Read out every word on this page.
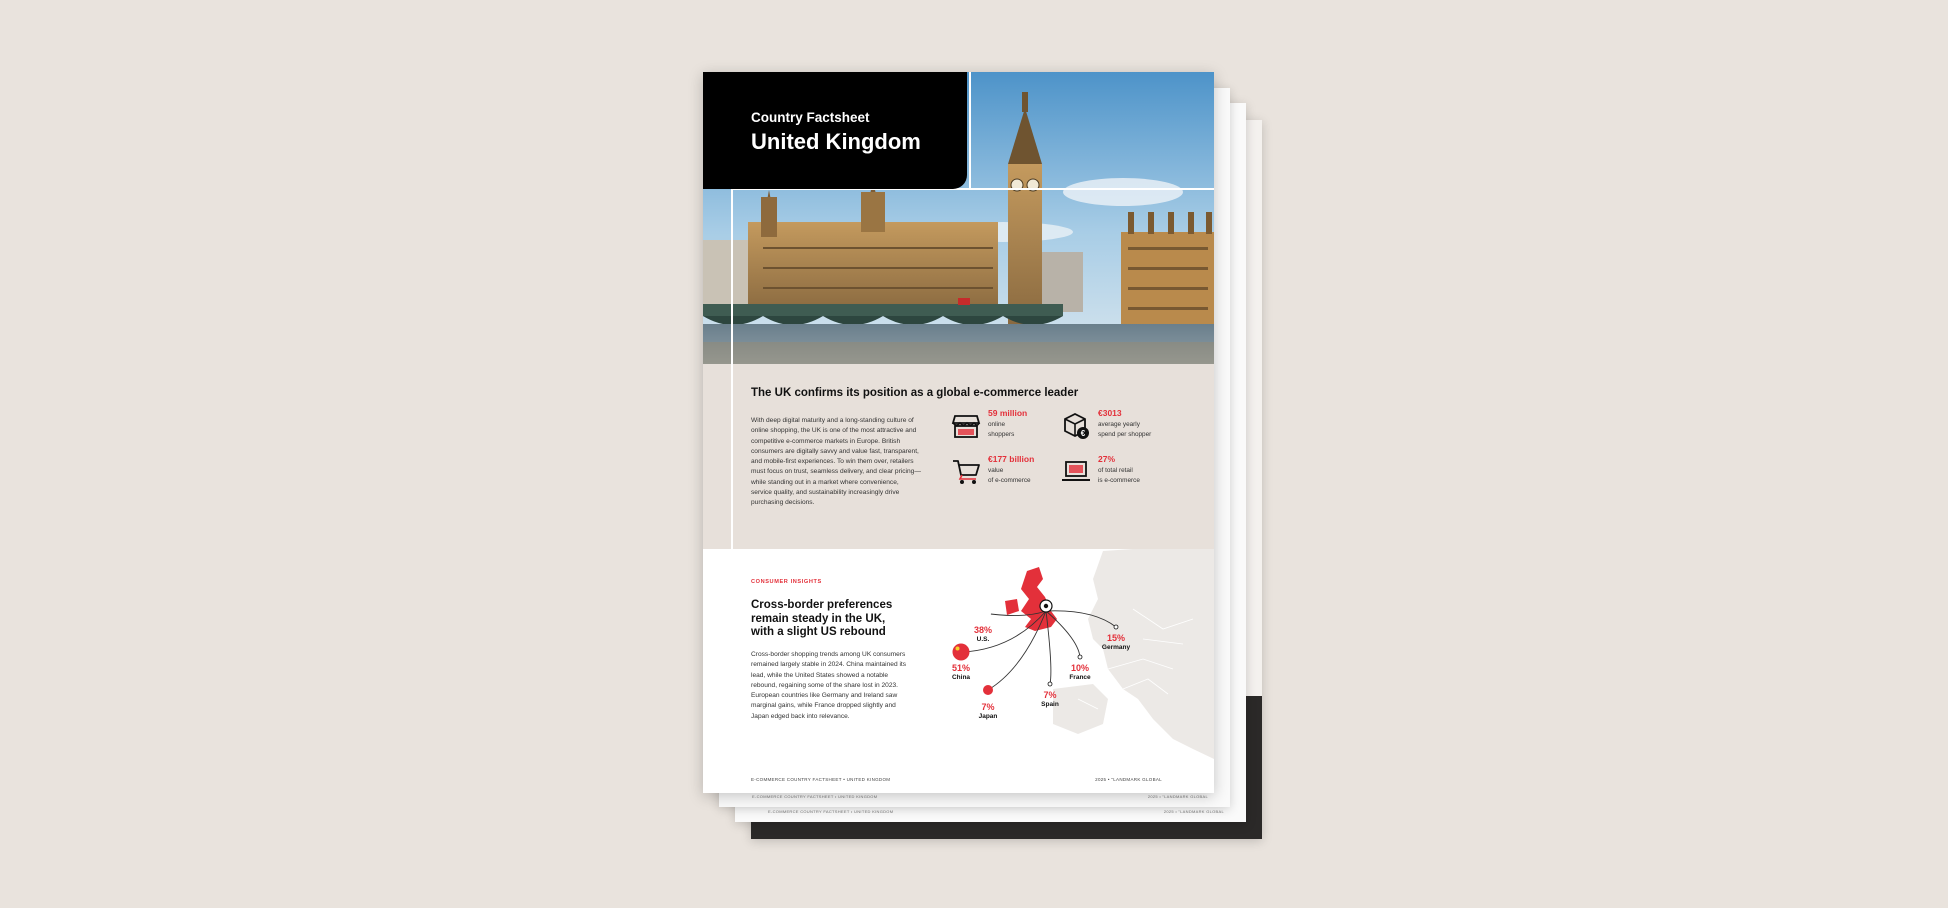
E-COMMERCE COUNTRY FACTSHEET • UNITED KINGDOM	2025 • "LANDMARK GLOBAL
E-COMMERCE COUNTRY FACTSHEET • UNITED KINGDOM	2025 • "LANDMARK GLOBAL
Country Factsheet
United Kingdom
The UK confirms its position as a global e-commerce leader
With deep digital maturity and a long-standing culture of online shopping, the UK is one of the most attractive and competitive e-commerce markets in Europe. British consumers are digitally savvy and value fast, transparent, and mobile-first experiences. To win them over, retailers must focus on trust, seamless delivery, and clear pricing—while standing out in a market where convenience, service quality, and sustainability increasingly drive purchasing decisions.
59 million
online
shoppers	€
€3013
average yearly
spend per shopper
€177 billion
value
of e-commerce
27%
of total retail
is e-commerce
CONSUMER INSIGHTS
Cross-border preferences remain steady in the UK, with a slight US rebound
Cross-border shopping trends among UK consumers remained largely stable in 2024. China maintained its lead, while the United States showed a notable rebound, regaining some of the share lost in 2023. European countries like Germany and Ireland saw marginal gains, while France dropped slightly and Japan edged back into relevance.
38%
U.S.
51%
China
7%
Japan
7%
Spain
10%
France
15%
Germany
E-COMMERCE COUNTRY FACTSHEET • UNITED KINGDOM	2025 • "LANDMARK GLOBAL
